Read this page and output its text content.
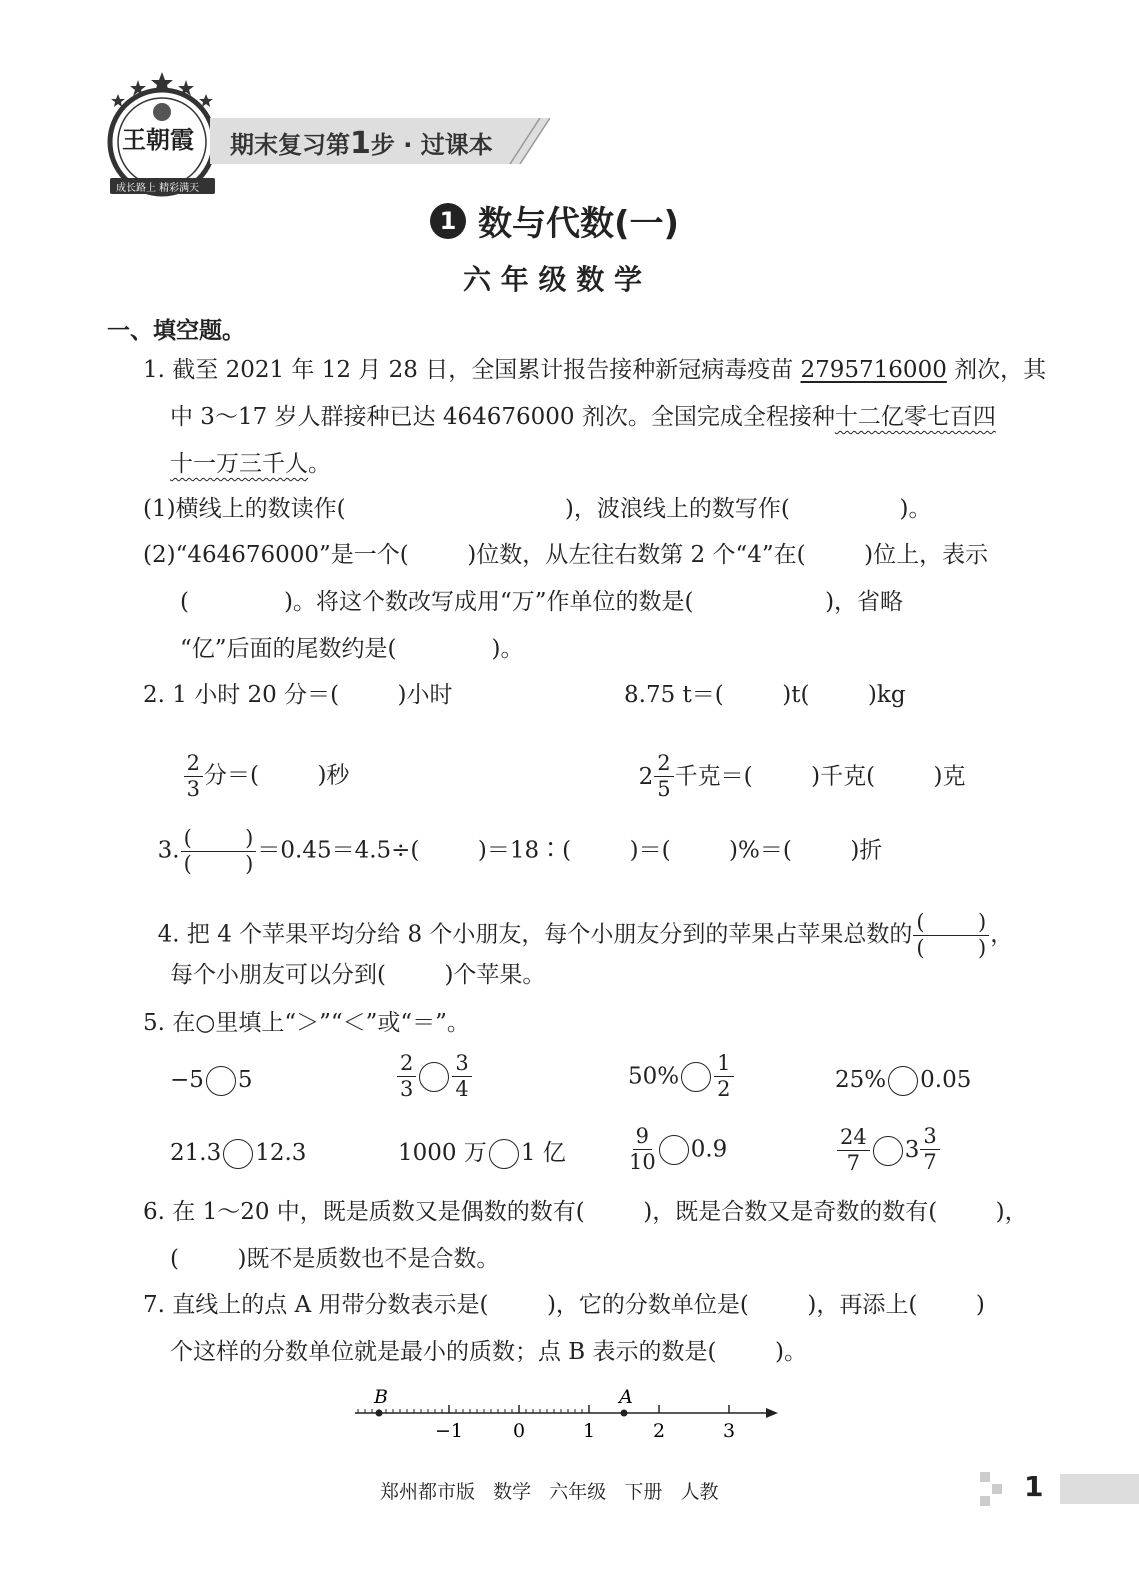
王朝霞
成长路上 精彩满天
期末复习第1步 · 过课本
1 数与代数(一)
六 年 级 数 学
一、填空题。
1. 截至 2021 年 12 月 28 日，全国累计报告接种新冠病毒疫苗 2795716000 剂次，其
中 3～17 岁人群接种已达 464676000 剂次。全国完成全程接种十二亿零七百四
十一万三千人。
(1)横线上的数读作(                              )，波浪线上的数写作(               )。
(2)“464676000”是一个(        )位数，从左往右数第 2 个“4”在(        )位上，表示
(             )。将这个数改写成用“万”作单位的数是(                  )，省略
“亿”后面的尾数约是(             )。
2. 1 小时 20 分＝(        )小时	8.75 t＝(        )t(        )kg

$\frac{2}{3}$ 分＝(        )秒

	$2 \frac{2}{5}$ 千克＝(        )千克(        )克

3. $\frac{( )}{( )} =0.45=4.5\div$(        )＝18∶(        )＝(        )%＝(        )折

4. 把 4 个苹果平均分给 8 个小朋友，每个小朋友分到的苹果占苹果总数的 $\frac{( )}{( )}$ ，

每个小朋友可以分到(        )个苹果。
5. 在○里填上“＞”“＜”或“＝”。
−5 5	$\frac{2}{3} \frac{3}{4}$	$50\% \frac{1}{2}$	25% 0.05
21.3 12.3	1000 万 1 亿	$\frac{9}{10} 0.9$	$\frac{24}{7} 3 \frac{3}{7}$
6. 在 1～20 中，既是质数又是偶数的数有(        )，既是合数又是奇数的数有(        )，
(        )既不是质数也不是合数。
7. 直线上的点 A 用带分数表示是(        )，它的分数单位是(        )，再添上(        )
个这样的分数单位就是最小的质数；点 B 表示的数是(        )。
−1	0	1	2	3
B	A
郑州都市版   数学   六年级   下册   人教	1
